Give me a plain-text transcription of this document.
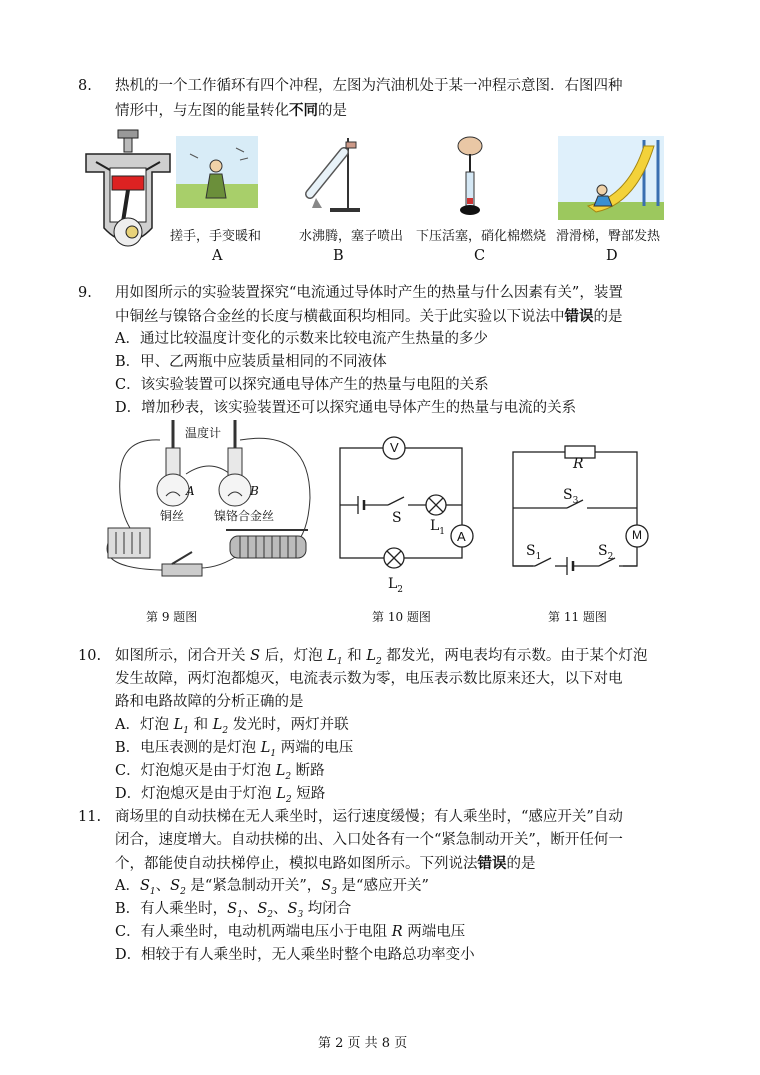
8. 热机的一个工作循环有四个冲程，左图为汽油机处于某一冲程示意图．右图四种
情形中，与左图的能量转化不同的是
搓手，手变暖和	水沸腾，塞子喷出 下压活塞，硝化棉燃烧 滑滑梯，臀部发热
A	B	C	D
9. 用如图所示的实验装置探究“电流通过导体时产生的热量与什么因素有关”，装置
中铜丝与镍铬合金丝的长度与横截面积均相同。关于此实验以下说法中错误的是
A．通过比较温度计变化的示数来比较电流产生热量的多少
B．甲、乙两瓶中应装质量相同的不同液体
C．该实验装置可以探究通电导体产生的热量与电阻的关系
D．增加秒表，该实验装置还可以探究通电导体产生的热量与电流的关系
温度计
A	B
铜丝 镍铬合金丝
V
S $L_1$ A
$L_2$
R
$S_3$
M
$S_1$	$S_2$
第 9 题图	第 10 题图	第 11 题图
10. 如图所示，闭合开关 S 后，灯泡 $L_1$ 和 $L_2$ 都发光，两电表均有示数。由于某个灯泡
发生故障，两灯泡都熄灭，电流表示数为零，电压表示数比原来还大，以下对电
路和电路故障的分析正确的是
A．灯泡 $L_1$ 和 $L_2$ 发光时，两灯并联
B．电压表测的是灯泡 $L_1$ 两端的电压
C．灯泡熄灭是由于灯泡 $L_2$ 断路
D．灯泡熄灭是由于灯泡 $L_2$ 短路
11. 商场里的自动扶梯在无人乘坐时，运行速度缓慢；有人乘坐时，“感应开关”自动
闭合，速度增大。自动扶梯的出、入口处各有一个“紧急制动开关”，断开任何一
个，都能使自动扶梯停止，模拟电路如图所示。下列说法错误的是
A．$S_1$、$S_2$ 是“紧急制动开关”，$S_3$ 是“感应开关”
B．有人乘坐时，$S_1$、$S_2$、$S_3$ 均闭合
C．有人乘坐时，电动机两端电压小于电阻 R 两端电压
D．相较于有人乘坐时，无人乘坐时整个电路总功率变小
第 2 页 共 8 页
